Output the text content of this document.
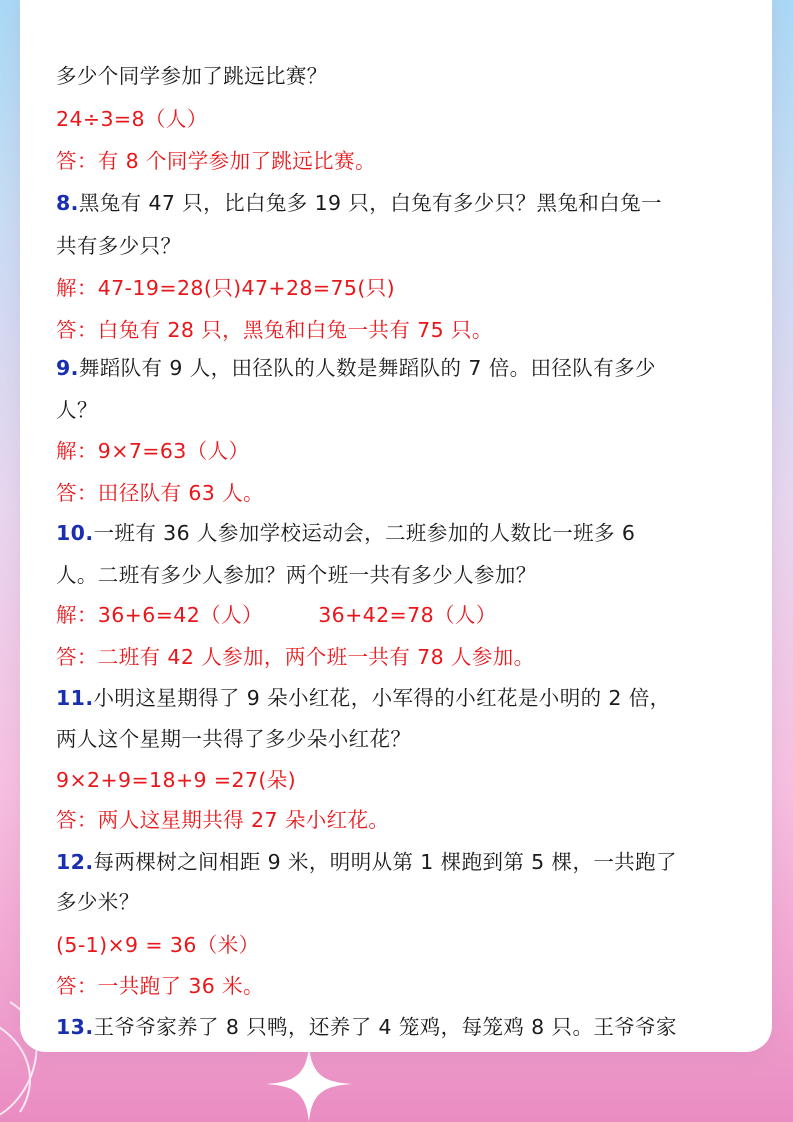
多少个同学参加了跳远比赛？

24÷3=8（人）

答：有 8 个同学参加了跳远比赛。

8.黑兔有 47 只，比白兔多 19 只，白兔有多少只？黑兔和白兔一

共有多少只？

解：47-19=28(只)47+28=75(只)

答：白兔有 28 只，黑兔和白兔一共有 75 只。

9.舞蹈队有 9 人，田径队的人数是舞蹈队的 7 倍。田径队有多少

人？

解：9×7=63（人）

答：田径队有 63 人。

10.一班有 36 人参加学校运动会，二班参加的人数比一班多 6

人。二班有多少人参加？两个班一共有多少人参加？

解：36+6=42（人）        36+42=78（人）

答：二班有 42 人参加，两个班一共有 78 人参加。

11.小明这星期得了 9 朵小红花，小军得的小红花是小明的 2 倍，

两人这个星期一共得了多少朵小红花？

9×2+9=18+9 =27(朵)

答：两人这星期共得 27 朵小红花。

12.每两棵树之间相距 9 米，明明从第 1 棵跑到第 5 棵，一共跑了

多少米？

(5-1)×9 = 36（米）

答：一共跑了 36 米。

13.王爷爷家养了 8 只鸭，还养了 4 笼鸡，每笼鸡 8 只。王爷爷家
